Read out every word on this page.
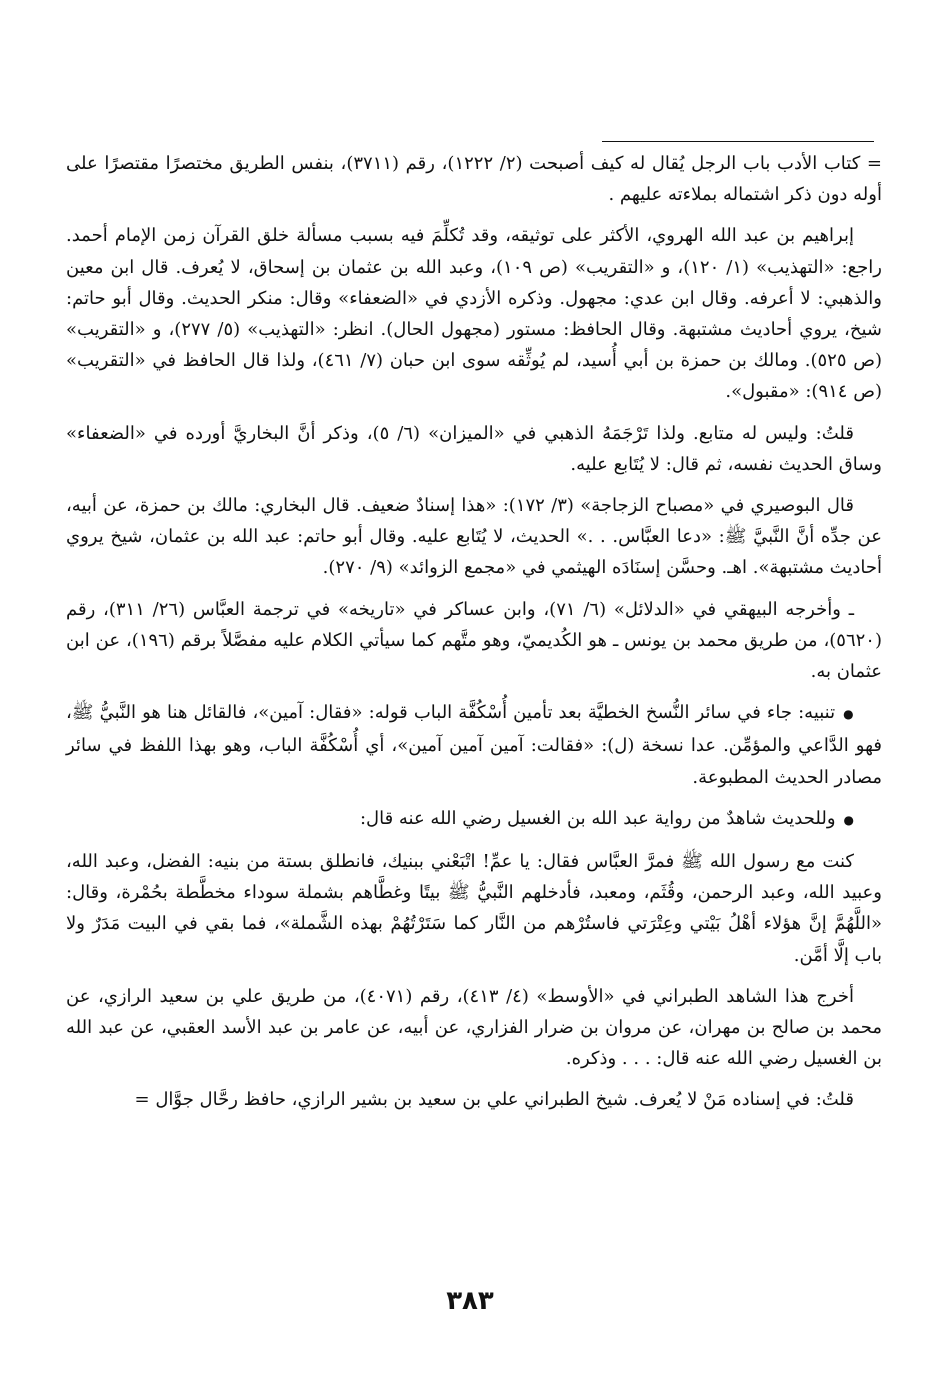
= كتاب الأدب باب الرجل يُقال له كيف أصبحت (٢/ ١٢٢٢)، رقم (٣٧١١)، بنفس الطريق مختصرًا مقتصرًا على أوله دون ذكر اشتماله بملاءته عليهم .

إبراهيم بن عبد الله الهروي، الأكثر على توثيقه، وقد تُكلِّمَ فيه بسبب مسألة خلق القرآن زمن الإمام أحمد. راجع: «التهذيب» (١/ ١٢٠)، و «التقريب» (ص ١٠٩)، وعبد الله بن عثمان بن إسحاق، لا يُعرف. قال ابن معين والذهبي: لا أعرفه. وقال ابن عدي: مجهول. وذكره الأزدي في «الضعفاء» وقال: منكر الحديث. وقال أبو حاتم: شيخ، يروي أحاديث مشتبهة. وقال الحافظ: مستور (مجهول الحال). انظر: «التهذيب» (٥/ ٢٧٧)، و «التقريب» (ص ٥٢٥). ومالك بن حمزة بن أبي أُسيد، لم يُوثِّقه سوى ابن حبان (٧/ ٤٦١)، ولذا قال الحافظ في «التقريب» (ص ٩١٤): «مقبول».

قلتُ: وليس له متابع. ولذا تَرْجَمَهُ الذهبي في «الميزان» (٦/ ٥)، وذكر أنَّ البخاريَّ أورده في «الضعفاء» وساق الحديث نفسه، ثم قال: لا يُتَابع عليه.

قال البوصيري في «مصباح الزجاجة» (٣/ ١٧٢): «هذا إسنادٌ ضعيف. قال البخاري: مالك بن حمزة، عن أبيه، عن جدِّه أنَّ النَّبيَّ ﷺ: «دعا العبَّاس. . .» الحديث، لا يُتَابع عليه. وقال أبو حاتم: عبد الله بن عثمان، شيخ يروي أحاديث مشتبهة». اهـ. وحسَّن إسنَادَه الهيثمي في «مجمع الزوائد» (٩/ ٢٧٠).

ـ وأخرجه البيهقي في «الدلائل» (٦/ ٧١)، وابن عساكر في «تاريخه» في ترجمة العبَّاس (٢٦/ ٣١١)، رقم (٥٦٢٠)، من طريق محمد بن يونس ـ هو الكُديميّ، وهو متَّهم كما سيأتي الكلام عليه مفصَّلاً برقم (١٩٦)، عن ابن عثمان به.

● تنبيه: جاء في سائر النُّسخ الخطيَّة بعد تأمين أُسْكُفَّة الباب قوله: «فقال: آمين»، فالقائل هنا هو النَّبيُّ ﷺ، فهو الدَّاعي والمؤمِّن. عدا نسخة (ل): «فقالت: آمين آمين آمين»، أي أُسْكُفَّة الباب، وهو بهذا اللفظ في سائر مصادر الحديث المطبوعة.

● وللحديث شاهدٌ من رواية عبد الله بن الغسيل رضي الله عنه قال:

كنت مع رسول الله ﷺ فمرَّ العبَّاس فقال: يا عمِّ! اتْبَعْني ببنيك، فانطلق بستة من بنيه: الفضل، وعبد الله، وعبيد الله، وعبد الرحمن، وقُثَم، ومعبد، فأدخلهم النَّبيُّ ﷺ بيتًا وغطَّاهم بشملة سوداء مخطَّطة بحُمْرة، وقال: «اللَّهُمَّ إنَّ هؤلاء أهْلُ بَيْتي وعِتْرَتي فاستُرْهم من النَّار كما سَتَرْتُهُمْ بهذه الشَّملة»، فما بقي في البيت مَدَرٌ ولا باب إلَّا أمَّن.

أخرج هذا الشاهد الطبراني في «الأوسط» (٤/ ٤١٣)، رقم (٤٠٧١)، من طريق علي بن سعيد الرازي، عن محمد بن صالح بن مهران، عن مروان بن ضرار الفزاري، عن أبيه، عن عامر بن عبد الأسد العقبي، عن عبد الله بن الغسيل رضي الله عنه قال: . . . وذكره.

قلتُ: في إسناده مَنْ لا يُعرف. شيخ الطبراني علي بن سعيد بن بشير الرازي، حافظ رحَّال جوَّال =

٣٨٣
